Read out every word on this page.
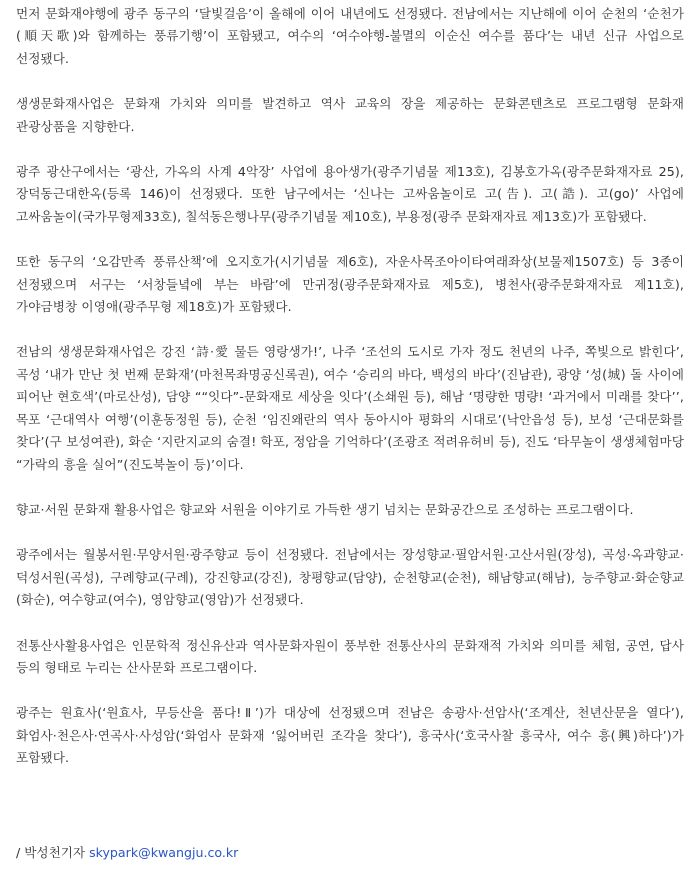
먼저 문화재야행에 광주 동구의 ‘달빛걸음’이 올해에 이어 내년에도 선정됐다. 전남에서는 지난해에 이어 순천의 ‘순천가(順天歌)와 함께하는 풍류기행’이 포함됐고, 여수의 ‘여수야행-불멸의 이순신 여수를 품다’는 내년 신규 사업으로 선정됐다.

생생문화재사업은 문화재 가치와 의미를 발견하고 역사 교육의 장을 제공하는 문화콘텐츠로 프로그램형 문화재 관광상품을 지향한다.

광주 광산구에서는 ‘광산, 가옥의 사계 4악장’ 사업에 용아생가(광주기념물 제13호), 김봉호가옥(광주문화재자료 25), 장덕동근대한옥(등록 146)이 선정됐다. 또한 남구에서는 ‘신나는 고싸움놀이로 고(告). 고(誥). 고(go)’ 사업에 고싸움놀이(국가무형제33호), 칠석동은행나무(광주기념물 제10호), 부용정(광주 문화재자료 제13호)가 포함됐다.

또한 동구의 ‘오감만족 풍류산책’에 오지호가(시기념물 제6호), 자운사목조아이타여래좌상(보물제1507호) 등 3종이 선정됐으며 서구는 ‘서창들녘에 부는 바람’에 만귀정(광주문화재자료 제5호), 병천사(광주문화재자료 제11호), 가야금병창 이영애(광주무형 제18호)가 포함됐다.

전남의 생생문화재사업은 강진 ‘詩·愛 물든 영랑생가!’, 나주 ‘조선의 도시로 가자 정도 천년의 나주, 쪽빛으로 밝힌다’, 곡성 ‘내가 만난 첫 번째 문화재’(마천목좌명공신록권), 여수 ‘승리의 바다, 백성의 바다’(진남관), 광양 ‘성(城) 돌 사이에 피어난 현호색’(마로산성), 담양 ““잇다”-문화재로 세상을 잇다’(소쇄원 등), 해남 ‘명량한 명량! ‘과거에서 미래를 찾다’’, 목포 ‘근대역사 여행’(이훈동정원 등), 순천 ‘임진왜란의 역사 동아시아 평화의 시대로’(낙안읍성 등), 보성 ‘근대문화를 찾다’(구 보성여관), 화순 ‘지란지교의 숨결! 학포, 정암을 기억하다’(조광조 적려유허비 등), 진도 ‘타무놀이 생생체험마당 “가락의 흥을 실어”(진도북놀이 등)’이다.

향교·서원 문화재 활용사업은 향교와 서원을 이야기로 가득한 생기 넘치는 문화공간으로 조성하는 프로그램이다.

광주에서는 월봉서원·무양서원·광주향교 등이 선정됐다. 전남에서는 장성향교·필암서원·고산서원(장성), 곡성·옥과향교·덕성서원(곡성), 구례향교(구례), 강진향교(강진), 창평향교(담양), 순천향교(순천), 해남향교(해남), 능주향교·화순향교(화순), 여수향교(여수), 영암향교(영암)가 선정됐다.

전통산사활용사업은 인문학적 정신유산과 역사문화자원이 풍부한 전통산사의 문화재적 가치와 의미를 체험, 공연, 답사 등의 형태로 누리는 산사문화 프로그램이다.

광주는 원효사(‘원효사, 무등산을 품다!Ⅱ’)가 대상에 선정됐으며 전남은 송광사·선암사(‘조계산, 천년산문을 열다’), 화엄사·천은사·연곡사·사성암(‘화엄사 문화재 ‘잃어버린 조각을 찾다’), 흥국사(‘호국사찰 흥국사, 여수 흥(興)하다’)가 포함됐다.

/ 박성천기자 skypark@kwangju.co.kr
